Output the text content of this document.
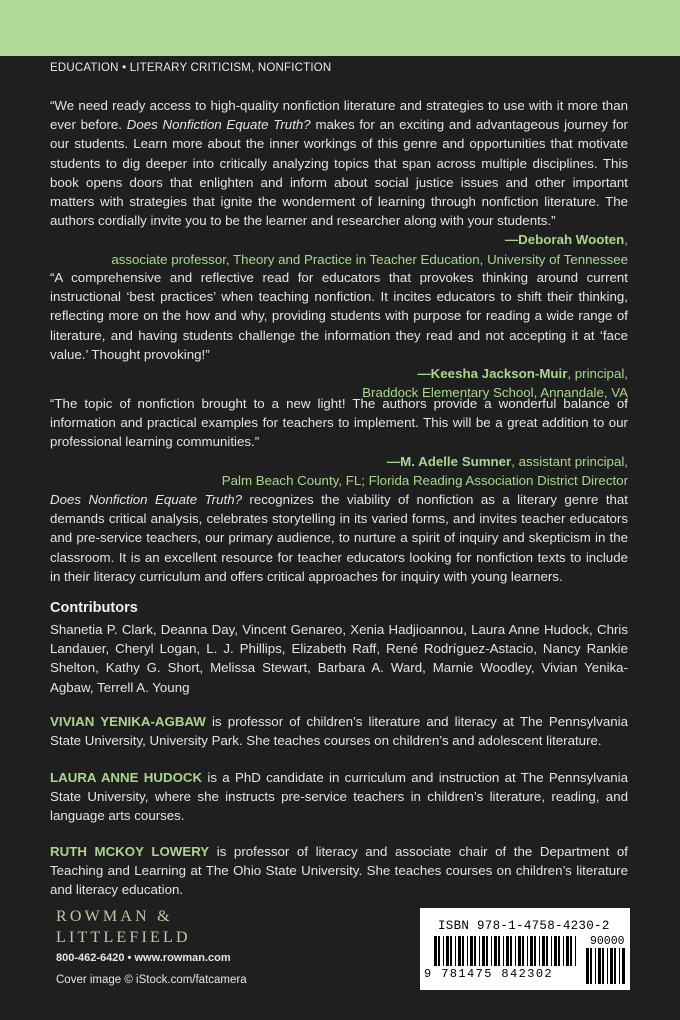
EDUCATION • LITERARY CRITICISM, NONFICTION
“We need ready access to high-quality nonfiction literature and strategies to use with it more than ever before. Does Nonfiction Equate Truth? makes for an exciting and advantageous journey for our students. Learn more about the inner workings of this genre and opportunities that motivate students to dig deeper into critically analyzing topics that span across multiple disciplines. This book opens doors that enlighten and inform about social justice issues and other important matters with strategies that ignite the wonderment of learning through nonfiction literature. The authors cordially invite you to be the learner and researcher along with your students.”
—Deborah Wooten,
associate professor, Theory and Practice in Teacher Education, University of Tennessee
“A comprehensive and reflective read for educators that provokes thinking around current instructional ‘best practices’ when teaching nonfiction. It incites educators to shift their thinking, reflecting more on the how and why, providing students with purpose for reading a wide range of literature, and having students challenge the information they read and not accepting it at ‘face value.’ Thought provoking!”
—Keesha Jackson-Muir, principal,
Braddock Elementary School, Annandale, VA
“The topic of nonfiction brought to a new light! The authors provide a wonderful balance of information and practical examples for teachers to implement. This will be a great addition to our professional learning communities.”
—M. Adelle Sumner, assistant principal,
Palm Beach County, FL; Florida Reading Association District Director
Does Nonfiction Equate Truth? recognizes the viability of nonfiction as a literary genre that demands critical analysis, celebrates storytelling in its varied forms, and invites teacher educators and pre-service teachers, our primary audience, to nurture a spirit of inquiry and skepticism in the classroom. It is an excellent resource for teacher educators looking for nonfiction texts to include in their literacy curriculum and offers critical approaches for inquiry with young learners.
Contributors
Shanetia P. Clark, Deanna Day, Vincent Genareo, Xenia Hadjioannou, Laura Anne Hudock, Chris Landauer, Cheryl Logan, L. J. Phillips, Elizabeth Raff, René Rodríguez-Astacio, Nancy Rankie Shelton, Kathy G. Short, Melissa Stewart, Barbara A. Ward, Marnie Woodley, Vivian Yenika-Agbaw, Terrell A. Young
VIVIAN YENIKA-AGBAW is professor of children’s literature and literacy at The Pennsylvania State University, University Park. She teaches courses on children’s and adolescent literature.
LAURA ANNE HUDOCK is a PhD candidate in curriculum and instruction at The Pennsylvania State University, where she instructs pre-service teachers in children’s literature, reading, and language arts courses.
RUTH MCKOY LOWERY is professor of literacy and associate chair of the Department of Teaching and Learning at The Ohio State University. She teaches courses on children’s literature and literacy education.
ROWMAN &
LITTLEFIELD
800-462-6420 • www.rowman.com
Cover image © iStock.com/fatcamera
ISBN 978-1-4758-4230-2
90000
9 781475 842302
